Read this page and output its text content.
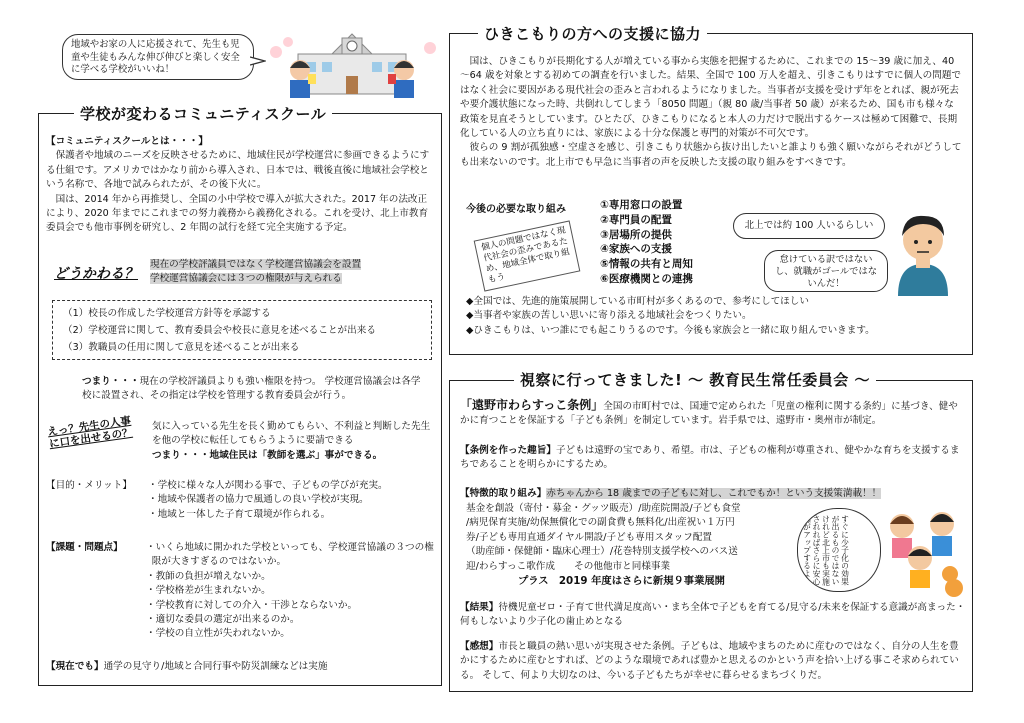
地域やお家の人に応援されて、先生も児童や生徒もみんな伸び伸びと楽しく安全に学べる学校がいいね！

学校が変わるコミュニティスクール

【コミュニティスクールとは・・・】

保護者や地域のニーズを反映させるために、地域住民が学校運営に参画できるようにする仕組です。アメリカではかなり前から導入され、日本では、戦後直後に地域社会学校という名称で、各地で試みられたが、その後下火に。

国は、2014 年から再推奨し、全国の小中学校で導入が拡大された。2017 年の法改正により、2020 年までにこれまでの努力義務から義務化される。これを受け、北上市教育委員会でも他市事例を研究し、2 年間の試行を経て完全実施する予定。

どうかわる？

現在の学校評議員ではなく学校運営協議会を設置

学校運営協議会には３つの権限が与えられる

（1）校長の作成した学校運営方針等を承認する

（2）学校運営に関して、教育委員会や校長に意見を述べることが出来る

（3）教職員の任用に関して意見を述べることが出来る

つまり・・・現在の学校評議員よりも強い権限を持つ。 学校運営協議会は各学校に設置され、その指定は学校を管理する教育委員会が行う。
えっ？先生の人事に口を出せるの？

気に入っている先生を長く勤めてもらい、不利益と判断した先生を他の学校に転任してもらうように要請できる

つまり・・・地域住民は「教師を選ぶ」事ができる。

【目的・メリット】 ・学校に様々な人が関わる事で、子どもの学びが充実。

・地域や保護者の協力で風通しの良い学校が実現。

・地域と一体した子育て環境が作られる。

【課題・問題点】 ・いくら地域に開かれた学校といっても、学校運営協議の３つの権限が大きすぎるのではないか。

・教師の負担が増えないか。

・学校格差が生まれないか。

・学校教育に対しての介入・干渉とならないか。

・適切な委員の選定が出来るのか。

・学校の自立性が失われないか。

【現在でも】通学の見守り/地域と合同行事や防災訓練などは実施
ひきこもりの方への支援に協力

国は、ひきこもりが長期化する人が増えている事から実態を把握するために、これまでの 15～39 歳に加え、40～64 歳を対象とする初めての調査を行いました。結果、全国で 100 万人を超え、引きこもりはすでに個人の問題ではなく社会に要因がある現代社会の歪みと言われるようになりました。当事者が支援を受けず年をとれば、親が死去や要介護状態になった時、共倒れしてしまう「8050 問題」（親 80 歳/当事者 50 歳）が来るため、国も市も様々な政策を見直そうとしています。ひとたび、ひきこもりになると本人の力だけで脱出するケースは極めて困難で、長期化している人の立ち直りには、家族による十分な保護と専門的対策が不可欠です。

彼らの 9 割が孤独感・空虚さを感じ、引きこもり状態から抜け出したいと誰よりも強く願いながらそれがどうしても出来ないのです。北上市でも早急に当事者の声を反映した支援の取り組みをすべきです。

今後の必要な取り組み	①専用窓口の設置

②専門員の配置

③居場所の提供

④家族への支援

⑤情報の共有と周知

⑥医療機関との連携

個人の問題ではなく現代社会の歪みであるため、地域全体で取り組もう

北上では約 100 人いるらしい

怠けている訳ではないし、就職がゴールではないんだ！

◆全国では、先進的施策展開している市町村が多くあるので、参考にしてほしい

◆当事者や家族の苦しい思いに寄り添える地域社会をつくりたい。

◆ひきこもりは、いつ誰にでも起こりうるのです。今後も家族会と一緒に取り組んでいきます。

視察に行ってきました! ～ 教育民生常任委員会 ～
「遠野市わらすっこ条例」全国の市町村では、国連で定められた「児童の権利に関する条約」に基づき、健やかに育つことを保証する「子ども条例」を制定しています。岩手県では、遠野市・奥州市が制定。
【条例を作った趣旨】子どもは遠野の宝であり、希望。市は、子どもの権利が尊重され、健やかな育ちを支援するまちであることを明らかにするため。
【特徴的取り組み】赤ちゃんから 18 歳までの子どもに対し、これでもか！という支援策満載！！

基金を創設（寄付・募金・グッツ販売）/助産院開設/子ども食堂

/病児保育実施/幼保無償化での副食費も無料化/出産祝い１万円

券/子ども専用直通ダイヤル開設/子ども専用スタッフ配置

（助産師・保健師・臨床心理士）/花巻特別支援学校へのバス送

迎/わらすっこ歌作成　　その他他市と同様事業

プラス　2019 年度はさらに新規９事業展開	すぐに少子化の効果が出るものではないけれど北上市も実施されればさらに安心感がアップするよ

【結果】待機児童ゼロ・子育て世代満足度高い・まち全体で子どもを育てる/見守る/未来を保証する意識が高まった・何もしないより少子化の歯止めとなる
【感想】市長と職員の熱い思いが実現させた条例。子どもは、地域やまちのために産むのではなく、自分の人生を豊かにするために産むとすれば、どのような環境であれば豊かと思えるのかという声を拾い上げる事こそ求められている。 そして、何より大切なのは、今いる子どもたちが幸せに暮らせるまちづくりだ。
